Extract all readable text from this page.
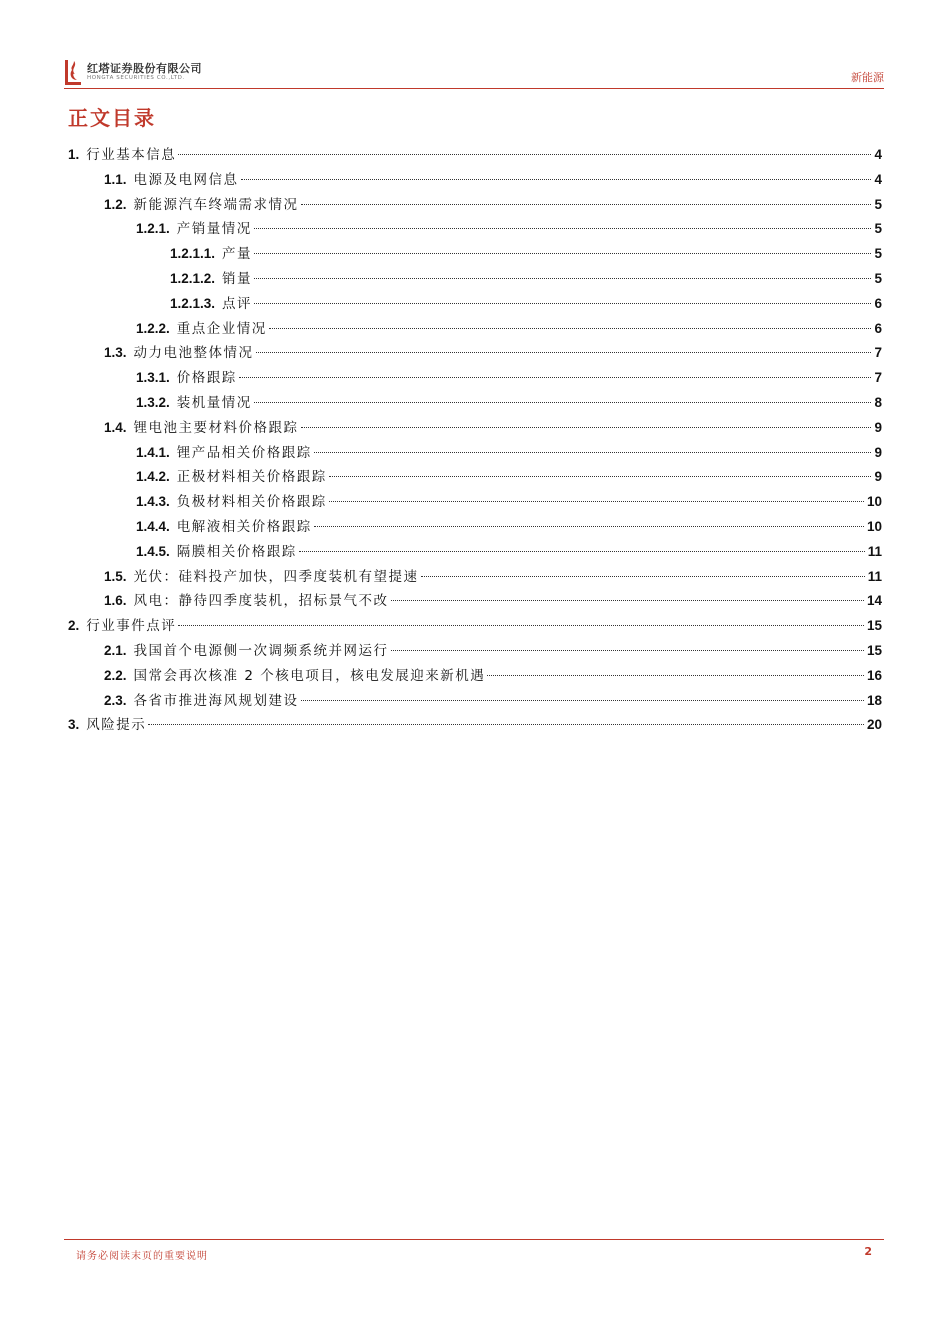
红塔证券股份有限公司
HONGTA SECURITIES CO.,LTD.	新能源
正文目录
1. 行业基本信息	4
1.1. 电源及电网信息	4
1.2. 新能源汽车终端需求情况	5
1.2.1. 产销量情况	5
1.2.1.1. 产量	5
1.2.1.2. 销量	5
1.2.1.3. 点评	6
1.2.2. 重点企业情况	6
1.3. 动力电池整体情况	7
1.3.1. 价格跟踪	7
1.3.2. 装机量情况	8
1.4. 锂电池主要材料价格跟踪	9
1.4.1. 锂产品相关价格跟踪	9
1.4.2. 正极材料相关价格跟踪	9
1.4.3. 负极材料相关价格跟踪	10
1.4.4. 电解液相关价格跟踪	10
1.4.5. 隔膜相关价格跟踪	11
1.5. 光伏：硅料投产加快，四季度装机有望提速	11
1.6. 风电：静待四季度装机，招标景气不改	14
2. 行业事件点评	15
2.1. 我国首个电源侧一次调频系统并网运行	15
2.2. 国常会再次核准 2 个核电项目，核电发展迎来新机遇	16
2.3. 各省市推进海风规划建设	18
3. 风险提示	20
请务必阅读末页的重要说明	2
